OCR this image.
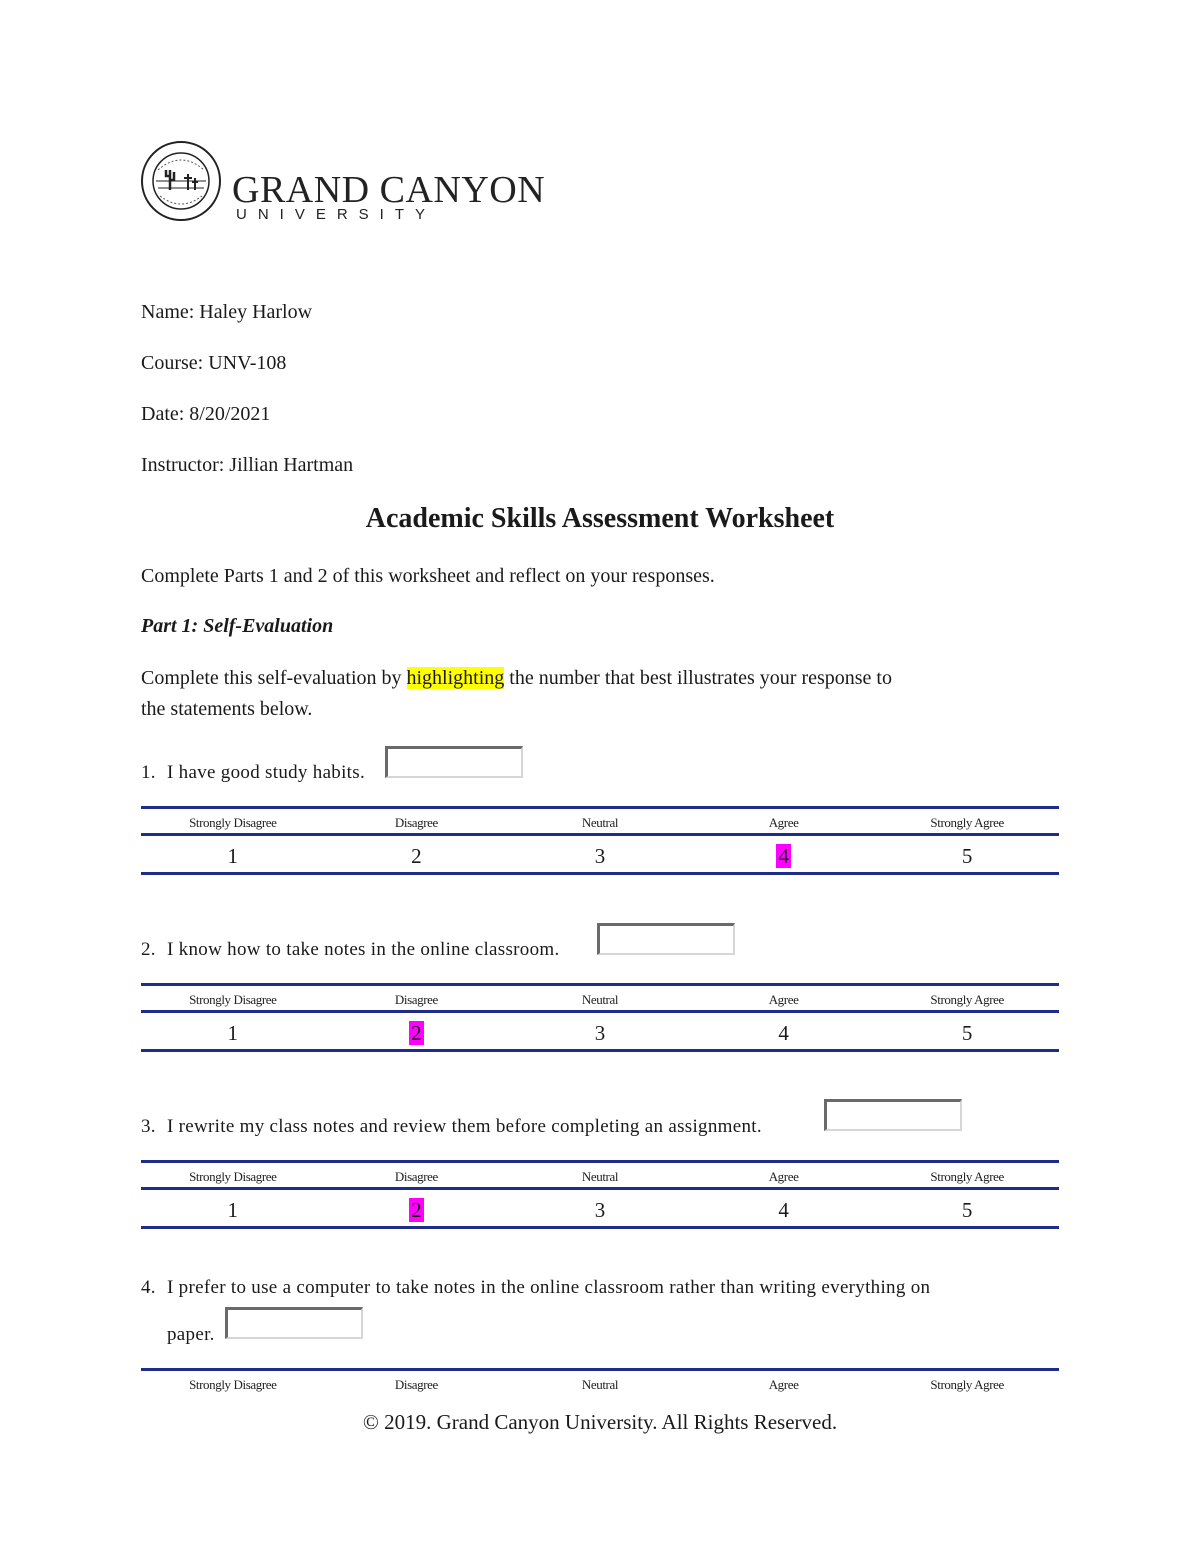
GRAND CANYON
UNIVERSITY
Name: Haley Harlow
Course: UNV-108
Date: 8/20/2021
Instructor: Jillian Hartman
Academic Skills Assessment Worksheet
Complete Parts 1 and 2 of this worksheet and reflect on your responses.
Part 1: Self-Evaluation
Complete this self-evaluation by highlighting the number that best illustrates your response to
the statements below.
1. I have good study habits.
Strongly Disagree	Disagree	Neutral	Agree	Strongly Agree
1	2	3	4	5
2. I know how to take notes in the online classroom.
Strongly Disagree	Disagree	Neutral	Agree	Strongly Agree
1	2	3	4	5
3. I rewrite my class notes and review them before completing an assignment.
Strongly Disagree	Disagree	Neutral	Agree	Strongly Agree
1	2	3	4	5
4. I prefer to use a computer to take notes in the online classroom rather than writing everything on
paper.
Strongly Disagree	Disagree	Neutral	Agree	Strongly Agree
© 2019. Grand Canyon University. All Rights Reserved.
